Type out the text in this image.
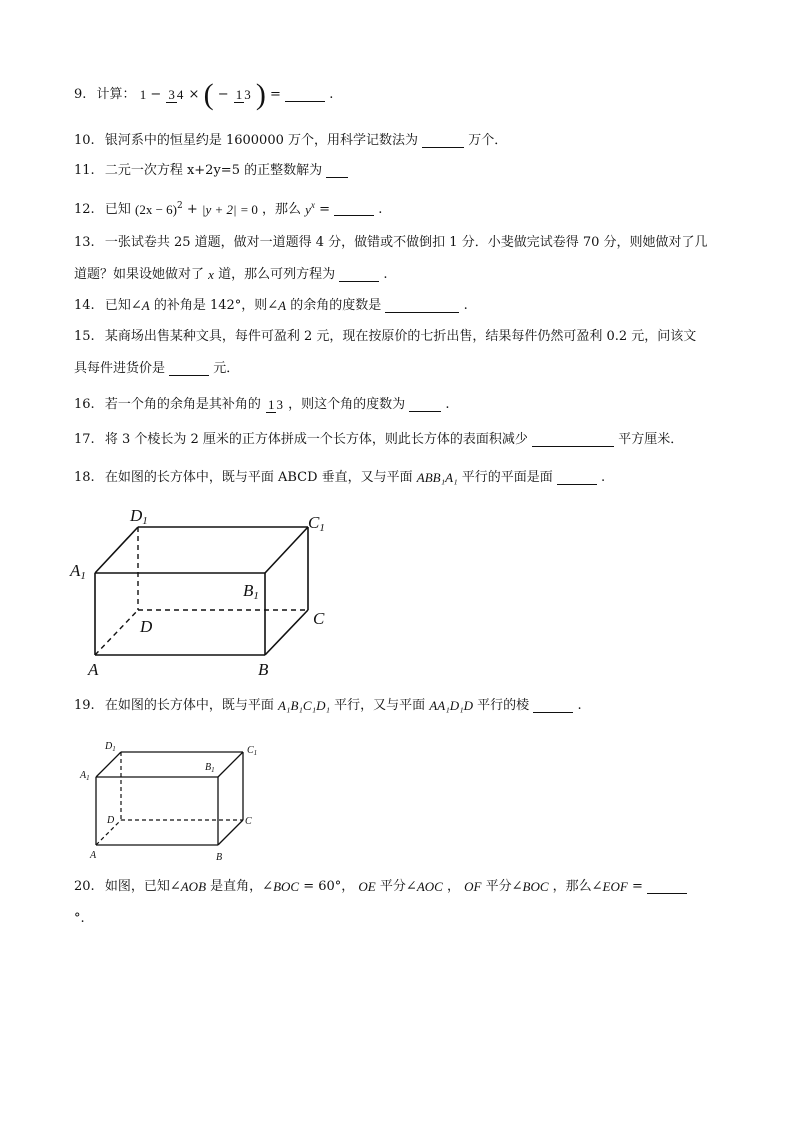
9. 计算： 1 − 3 4 × ( − 1 3 ) =	.
10. 银河系中的恒星约是 1600000 万个，用科学记数法为	万个．
11. 二元一次方程 x+2y=5 的正整数解为
12. 已知 $(2x - 6)^2 + |y + 2| = 0$ ，那么 $y^x$ =	.
13. 一张试卷共 25 道题，做对一道题得 4 分，做错或不做倒扣 1 分．小斐做完试卷得 70 分，则她做对了几
道题？如果设她做对了 x 道，那么可列方程为	.
14. 已知∠A 的补角是 142°，则∠A 的余角的度数是	.
15. 某商场出售某种文具，每件可盈利 2 元，现在按原价的七折出售，结果每件仍然可盈利 0.2 元，问该文
具每件进货价是	元．
16. 若一个角的余角是其补角的 1 3 ，则这个角的度数为	.
17. 将 3 个棱长为 2 厘米的正方体拼成一个长方体，则此长方体的表面积减少	平方厘米．
18. 在如图的长方体中，既与平面 ABCD 垂直，又与平面 ABB₁A₁ 平行的平面是面	.
D1	C1
A1
B1
D	C
A	B
19. 在如图的长方体中，既与平面 A₁B₁C₁D₁ 平行，又与平面 AA₁D₁D 平行的棱	.
$D_1$	$C_1$
$A_1$
$B_1$
D	C
A	B
20. 如图，已知∠AOB 是直角，∠BOC = 60°， OE 平分∠AOC ， OF 平分∠BOC ，那么∠EOF =
°.
